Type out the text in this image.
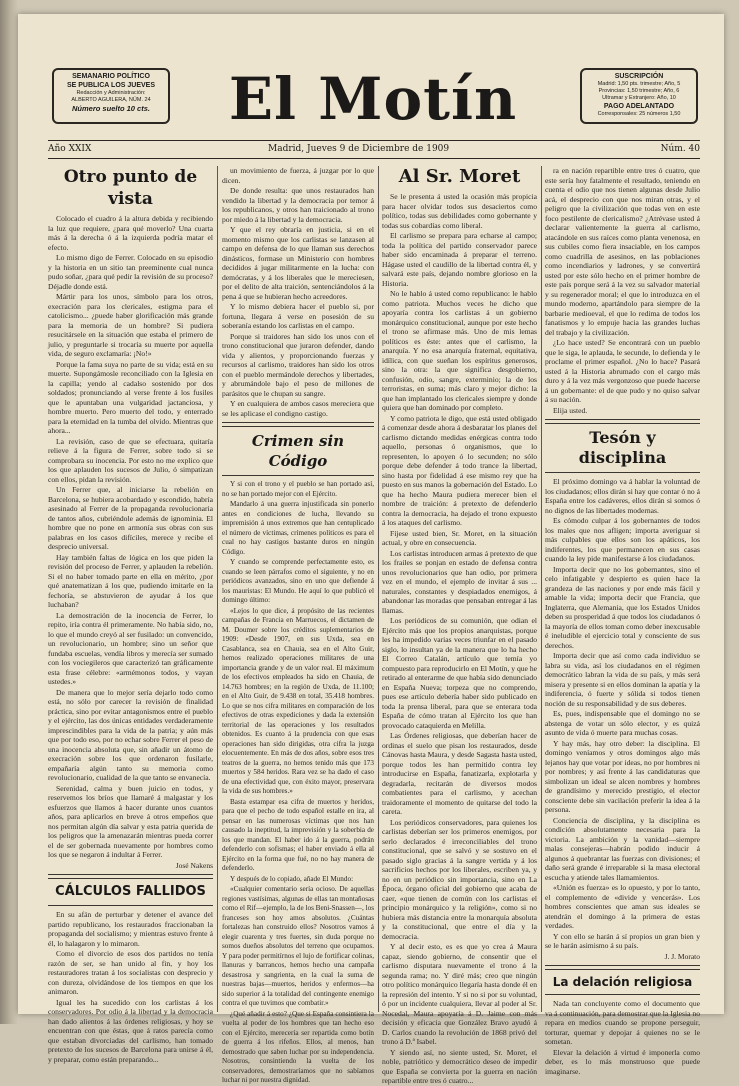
SEMANARIO POLÍTICO
SE PUBLICA LOS JUEVES
Redacción y Administración:
ALBERTO AGUILERA, NÚM. 24
Número suelto 10 cts.	El Motín	SUSCRIPCIÓN
Madrid: 1,50 pts. trimestre; Año, 5
Provincias: 1,50 trimestre; Año, 6
Ultramar y Extranjero: Año, 10
PAGO ADELANTADO
Corresponsales: 25 números 1,50
Año XXIX	Madrid, Jueves 9 de Diciembre de 1909	Núm. 40
Otro punto de vista

Colocado el cuadro á la altura debida y recibiendo la luz que requiere, ¿para qué moverlo? Una cuarta más á la derecha ó á la izquierda podría matar el efecto.

Lo mismo digo de Ferrer. Colocado en su episodio y la historia en un sitio tan preeminente cual nunca pudo soñar, ¿para qué pedir la revisión de su proceso? Déjadle donde está.

Mártir para los unos, símbolo para los otros, execración para los clericales, estigma para el catolicismo... ¿puede haber glorificación más grande para la memoria de un hombre? Si pudiera resucitársele en la situación que estaba el primero de julio, y preguntarle si trocaría su muerte por aquella vida, de seguro exclamaría: ¡No!»

Porque la fama suya no parte de su vida; está en su muerte. Supongámosle reconciliado con la Iglesia en la capilla; yendo al cadalso sostenido por dos soldados; pronunciando al verse frente á los fusiles que le apuntaban una vulgaridad jactanciosa, y hombre muerto. Pero muerto del todo, y enterrado para la eternidad en la tumba del olvido. Mientras que ahora...

La revisión, caso de que se efectuara, quitaría relieve á la figura de Ferrer, sobre todo si se comprobara su inocencia. Por esto no me explico que los que aplauden los sucesos de Julio, ó simpatizan con ellos, pidan la revisión.

Un Ferrer que, al iniciarse la rebelión en Barcelona, se hubiera acobardado y escondido, habría asesinado al Ferrer de la propaganda revolucionaria de tantos años, cubriéndole además de ignominia. El hombre que no pone en armonía sus obras con sus palabras en los casos difíciles, merece y recibe el desprecio universal.

Hay también faltas de lógica en los que piden la revisión del proceso de Ferrer, y aplauden la rebelión. Si el no haber tomado parte en ella en mérito, ¿por qué anatematizan á los que, pudiendo imitarle en la fechoría, se abstuvieron de ayudar á los que luchaban?

La demostración de la inocencia de Ferrer, lo repito, iría contra él primeramente. No había sido, no, lo que el mundo creyó al ser fusilado: un convencido, un revolucionario, un hombre; sino un señor que fundaba escuelas, vendía libros y merecía ser sumado con los vociegileros que caracterizó tan gráficamente esta frase célebre: «armémonos todos, y vayan ustedes.»

De manera que lo mejor sería dejarlo todo como está, no sólo por carecer la revisión de finalidad práctica, sino por evitar antagonismos entre el pueblo y el ejército, las dos únicas entidades verdaderamente imprescindibles para la vida de la patria; y aún más que por todo eso, por no echar sobre Ferrer el peso de una inocencia absoluta que, sin añadir un átomo de execración sobre los que ordenaron fusilarle, empañaría algún tanto su memoria como revolucionario, cualidad de la que tanto se envanecía.

Serenidad, calma y buen juicio en todos, y reservemos los bríos que llamaré á malgastar y los esfuerzos que llamos á hacer durante unos cuantos años, para aplicarlos en breve á otros empeños que nos permitan algún día salvar y esta patria querida de los peligros que la amenazarán mientras pueda correr el de ser gobernada nuevamente por hombres como los que se negaron á indultar á Ferrer.

José Nakens

CÁLCULOS FALLIDOS

En su afán de perturbar y detener el avance del partido republicano, los restaurados fraccionaban la propaganda del socialismo; y mientras estuvo frente á él, lo halagaron y lo mimaron.

Como el divorcio de esos dos partidos no tenía razón de ser, se han unido al fin, y hoy los restauradores tratan á los socialistas con desprecio y con dureza, olvidándose de los tiempos en que los animaron.

Igual les ha sucedido con los carlistas á los conservadores. Por odio á la libertad y la democracia han dado alientos á las órdenes religiosas, y hoy se encuentran con que éstas, que á ratos parecía como que estaban divorciadas del carlismo, han tomado pretexto de los sucesos de Barcelona para unirse á él, y preparar, como están preparando...

un movimiento de fuerza, á juzgar por lo que dicen.

De donde resulta: que unos restaurados han vendido la libertad y la democracia por temor á los republicanos, y otros han traicionado al trono por miedo á la libertad y la democracia.

Y que el rey obraría en justicia, si en el momento mismo que los carlistas se lanzasen al campo en defensa de lo que llaman sus derechos dinásticos, formase un Ministerio con hombres decididos á jugar militarmente en la lucha: con demócratas, y á los liberales que le mereciesen, por el delito de alta traición, sentenciándolos á la pena á que se hubieran hecho acreedores.

Y lo mismo debiera hacer el pueblo si, por fortuna, llegara á verse en posesión de su soberanía estando los carlistas en el campo.

Porque si traidores han sido los unos con el trono constitucional que juraron defender, dando vida y alientos, y proporcionando fuerzas y recursos al carlismo, traidores han sido los otros con el pueblo mermándole derechos y libertades, y abrumándole bajo el peso de millones de parásitos que le chupan su sangre.

Y en cualquiera de ambos casos mereciera que se les aplicase el condigno castigo.

Crimen sin Código

Y si con el trono y el pueblo se han portado así, no se han portado mejor con el Ejército.

Mandarlo á una guerra injustificada sin ponerlo antes en condiciones de lucha, llevando su impremisión á unos extremos que han centuplicado el número de víctimas, crímenes políticos es para el cual no hay castigos bastante duros en ningún Código.

Y cuando se comprende perfectamente esto, es cuando se leen párrafos como el siguiente, y no en periódicos avanzados, sino en uno que defiende á los mauristas: El Mundo. He aquí lo que publicó el domingo último:

«Lejos lo que dice, á propósito de las recientes campañas de Francia en Marruecos, el dictamen de M. Doumer sobre los créditos suplementarios de 1909: «Desde 1907, en sus Uxda, sea en Casablanca, sea en Chauia, sea en el Alto Guir, hemos realizado operaciones militares de una importancia grande y de un valor real. El máximum de los efectivos empleados ha sido en Chauia, de 14.763 hombres; en la región de Uxda, de 11.100; en el Alto Guir, de 9.438 en total, 35.418 hombres. Lo que se nos cifra militares en comparación de los efectivos de otras expediciones y dada la extensión territorial de las operaciones y los resultados obtenidos. Es cuanto á la prudencia con que esas operaciones han sido dirigidas, otra cifra la juzga elocuentemente. En más de dos años, sobre esos tres teatros de la guerra, no hemos tenido más que 173 muertos y 584 heridos. Rara vez se ha dado el caso de una efectividad que, con éxito mayor, preservara la vida de sus hombres.»

Basta estampar esa cifra de muertos y heridos, para que el pecho de todo español estalle en ira, al pensar en las numerosas víctimas que nos han causado la ineptitud, la imprevisión y la soberbia de los que mandan. El haber ido á la guerra, podrán defenderlo con sofismas; el haber enviado á ella al Ejército en la forma que fué, no no hay manera de defenderlo.

Y después de lo copiado, añade El Mundo:

«Cualquier comentario sería ocioso. De aquellas regiones vastísimas, algunas de ellas tan montañosas como el Rif—ejemplo, la de los Beni-Snassen—, los franceses son hoy amos absolutos. ¿Cuántas fortalezas han construido ellos? Nosotros vamos á elegir cuarenta y tres fuertes, sin duda porque no somos dueños absolutos del terreno que ocupamos. Y para poder permitírnos el lujo de fortificar colinas, llanuras y barrancos, hemos hecho una campaña desastrosa y sangrienta, en la cual la suma de nuestras bajas—muertos, heridos y enfermos—ha sido superior á la totalidad del contingente enemigo contra el que tuvimos que combatir.»

¿Qué añadir á esto? ¿Que si España consintiera la vuelta al poder de los hombres que tan hecho eso con el Ejército, merecería ser repartida como botín de guerra á los rifeños. Ellos, al menos, han demostrado que saben luchar por su independencia. Nosotros, consintiendo la vuelta de los conservadores, demostraríamos que no sabíamos luchar ni por nuestra dignidad.

Al Sr. Moret

Se le presenta á usted la ocasión más propicia para hacer olvidar todos sus desaciertos como político, todas sus debilidades como gobernante y todas sus cobardías como liberal.

El carlismo se prepara para echarse al campo; toda la política del partido conservador parece haber sido encaminada á preparar el terreno. Hágase usted el caudillo de la libertad contra él, y salvará este país, dejando nombre glorioso en la Historia.

No le hablo á usted como republicano: le hablo como patriota. Muchos veces he dicho que apoyaría contra los carlistas á un gobierno monárquico constitucional, aunque por este hecho el trono se afirmase más. Uno de mis lemas políticos es éste: antes que el carlismo, la anarquía. Y no esa anarquía fraternal, equitativa, idílica, con que sueñan los espíritus generosos, sino la otra: la que significa desgobierno, confusión, odio, sangre, exterminio; la de los terroristas, en suma; más claro y mejor dicho: la que han implantado los clericales siempre y donde quiera que han dominado por completo.

Y como patriota le digo, que está usted obligado á comenzar desde ahora á desbaratar los planes del carlismo dictando medidas enérgicas contra todo aquello, personas ó organismos, que lo representen, lo apoyen ó lo secunden; no sólo porque debe defender á todo trance la libertad, sino hasta por fidelidad á ese mismo rey que ha puesto en sus manos la gobernación del Estado. Lo que ha hecho Maura pudiera merecer bien el nombre de traición: á pretexto de defenderlo contra la democracia, ha dejado el trono expuesto á los ataques del carlismo.

Fíjese usted bien, Sr. Moret, en la situación actual, y obre en consecuencia.

Los carlistas introducen armas á pretexto de que los frailes se ponjan en estado de defensa contra unos revolucionarios que han odio, por primera vez en el mundo, el ejemplo de invitar á sus ... naturales, constantes y despiadados enemigos, á abandonar las moradas que pensaban entregar á las llamas.

Los periódicos de su comunión, que odian el Ejército más que los propios anarquistas, porque les ha impedido varias veces triunfar en el pasado siglo, lo insultan ya de la manera que lo ha hecho El Correo Catalán, artículo que temía yo compuesto para reproducirlo en El Motín, y que he retirado al enterarme de que había sido denunciado en España Nueva; torpeza que no comprendo, pues ese artículo debería haber sido publicado en toda la prensa liberal, para que se enterara toda España de cómo tratan al Ejército los que han provocado cataquierda en Melilla.

Las Órdenes religiosas, que deberían hacer de ordinas el suelo que pisan los restaurados, desde Cánovas hasta Maura, y desde Sagasta hasta usted, porque todos les han permitido contra ley introducirse en España, fanatizarla, explotarla y degradarla, recitarán de diversos modos combatientes para el carlismo, y acechan traidoramente el momento de quitarse del todo la careta.

Los periódicos conservadores, para quienes los carlistas deberían ser los primeros enemigos, por serlo declarados é irreconciliables del trono constitucional, que se salvó y se sostuvo en el pasado siglo gracias á la sangre vertida y á los sacrificios hechos por los liberales, escriben ya, y no en un periódico sin importancia, sino en La Época, órgano oficial del gobierno que acaba de caer, «que tienen de común con los carlistas el principio monárquico y la religión», como si no hubiera más distancia entre la monarquía absoluta y la constitucional, que entre el día y la democracia.

Y al decir esto, es es que yo crea á Maura capaz, siendo gobierno, de consentir que el carlismo disputara nuevamente el trono á la segunda rama; no. Y diré más; creo que ningún otro político monárquico llegaría hasta donde él en la represión del intento. Y si no si por su voluntad, ó por un incidente cualquiera, llevar al poder al Sr. Nocedal, Maura apoyaría á D. Jaime con más decisión y eficacia que González Bravo ayudó á D. Carlos cuando la revolución de 1868 privó del trono á D.ª Isabel.

Y siendo así, no siente usted, Sr. Moret, el noble, patriótico y democrático deseo de impedir que España se convierta por la guerra en nación repartible entre tres ó cuatro...

ra en nación repartible entre tres ó cuatro, que este sería hoy fatalmente el resultado, teniendo en cuenta el odio que nos tienen algunas desde Julio acá, el desprecio con que nos miran otras, y el peligro que la civilización que todas ven en este foco pestilente de clericalismo? ¿Atrévase usted á declarar valientemente la guerra al carlismo, atacándole en sus raíces como planta venenosa, en sus cubiles como fiera insaciable, en los campos como cuadrilla de asesinos, en las poblaciones como incendiarios y ladrones, y se convertirá usted por este sólo hecho en el primer hombre de este país porque será á la vez su salvador material y su regenerador moral; el que lo introduzca en el mundo moderno, apartándolo para siempre de la barbarie medioeval, el que lo redima de todos los fanatismos y lo empuje hacia las grandes luchas del trabajo y la civilización.

¿Lo hace usted? Se encontrará con un pueblo que le siga, le aplauda, le secunde, lo defienda y le proclame el primer español. ¿No lo hace? Pasará usted á la Historia abrumado con el cargo más duro y á la vez más vergonzoso que puede hacerse á un gobernante: el de que pudo y no quiso salvar á su nación.

Elija usted.

Tesón y disciplina

El próximo domingo va á hablar la voluntad de los ciudadanos; ellos dirán si hay que contar ó no á España entre los cadáveres, ellos dirán si somos ó no dignos de las libertades modernas.

Es cómodo culpar á los gobernantes de todos los males que nos afligen; importa averiguar si más culpables que ellos son los apáticos, los indiferentes, los que permanecen en sus casas cuando la ley pide manifestarse á los ciudadanos.

Importa decir que no los gobernantes, sino el celo infatigable y despierto es quien hace la grandeza de las naciones y por ende más fácil y amable la vida; importa decir que Francia, que Inglaterra, que Alemania, que los Estados Unidos deben su prosperidad á que todos los ciudadanos ó la mayoría de ellos toman como deber inexcusable é ineludible el ejercicio total y consciente de sus derechos.

Importa decir que así como cada individuo se labra su vida, así los ciudadanos en el régimen democrático labran la vida de su país, y más será misera y presente si en ellos dominan la apatía y la indiferencia, ó fuerte y sólida si todos tienen noción de su responsabilidad y de sus deberes.

Es, pues, indispensable que el domingo no se abstenga de votar un sólo elector, y es quizá asunto de vida ó muerte para muchas cosas.

Y hay más, hay otro deber: la disciplina. El domingo veníamos y otros domingos algo más lejanos hay que votar por ideas, no por hombres ni por nombres; y así frente á las candidaturas que simbolizan un ideal se alcen nombres y hombres de grandísimo y merecido prestigio, el elector consciente debe sin vacilación preferir la idea á la persona.

Conciencia de disciplina, y la disciplina es condición absolutamente necesaria para la victoria. La ambición y la vanidad—siempre malas consejeras—habrán podido inducir á algunos á quebrantar las fuerzas con divisiones; el daño será grande é irreparable si la masa electoral escucha y atiende tales llamamientos.

«Unión es fuerza» es lo opuesto, y por lo tanto, el complemento de «divide y vencerás». Los hombres conscientes que aman sus ideales se atendrán el domingo á la primera de estas verdades.

Y con ello se harán á sí propios un gran bien y se le harán asimismo á su país.

J. J. Morato

La delación religiosa

Nada tan concluyente como el documento que va á continuación, para demostrar que la Iglesia no repara en medios cuando se propone perseguir, torturar, quemar y depojar á quienes no se le sometan.

Elevar la delación á virtud é imponerla como deber, es lo más monstruoso que puede imaginarse.
